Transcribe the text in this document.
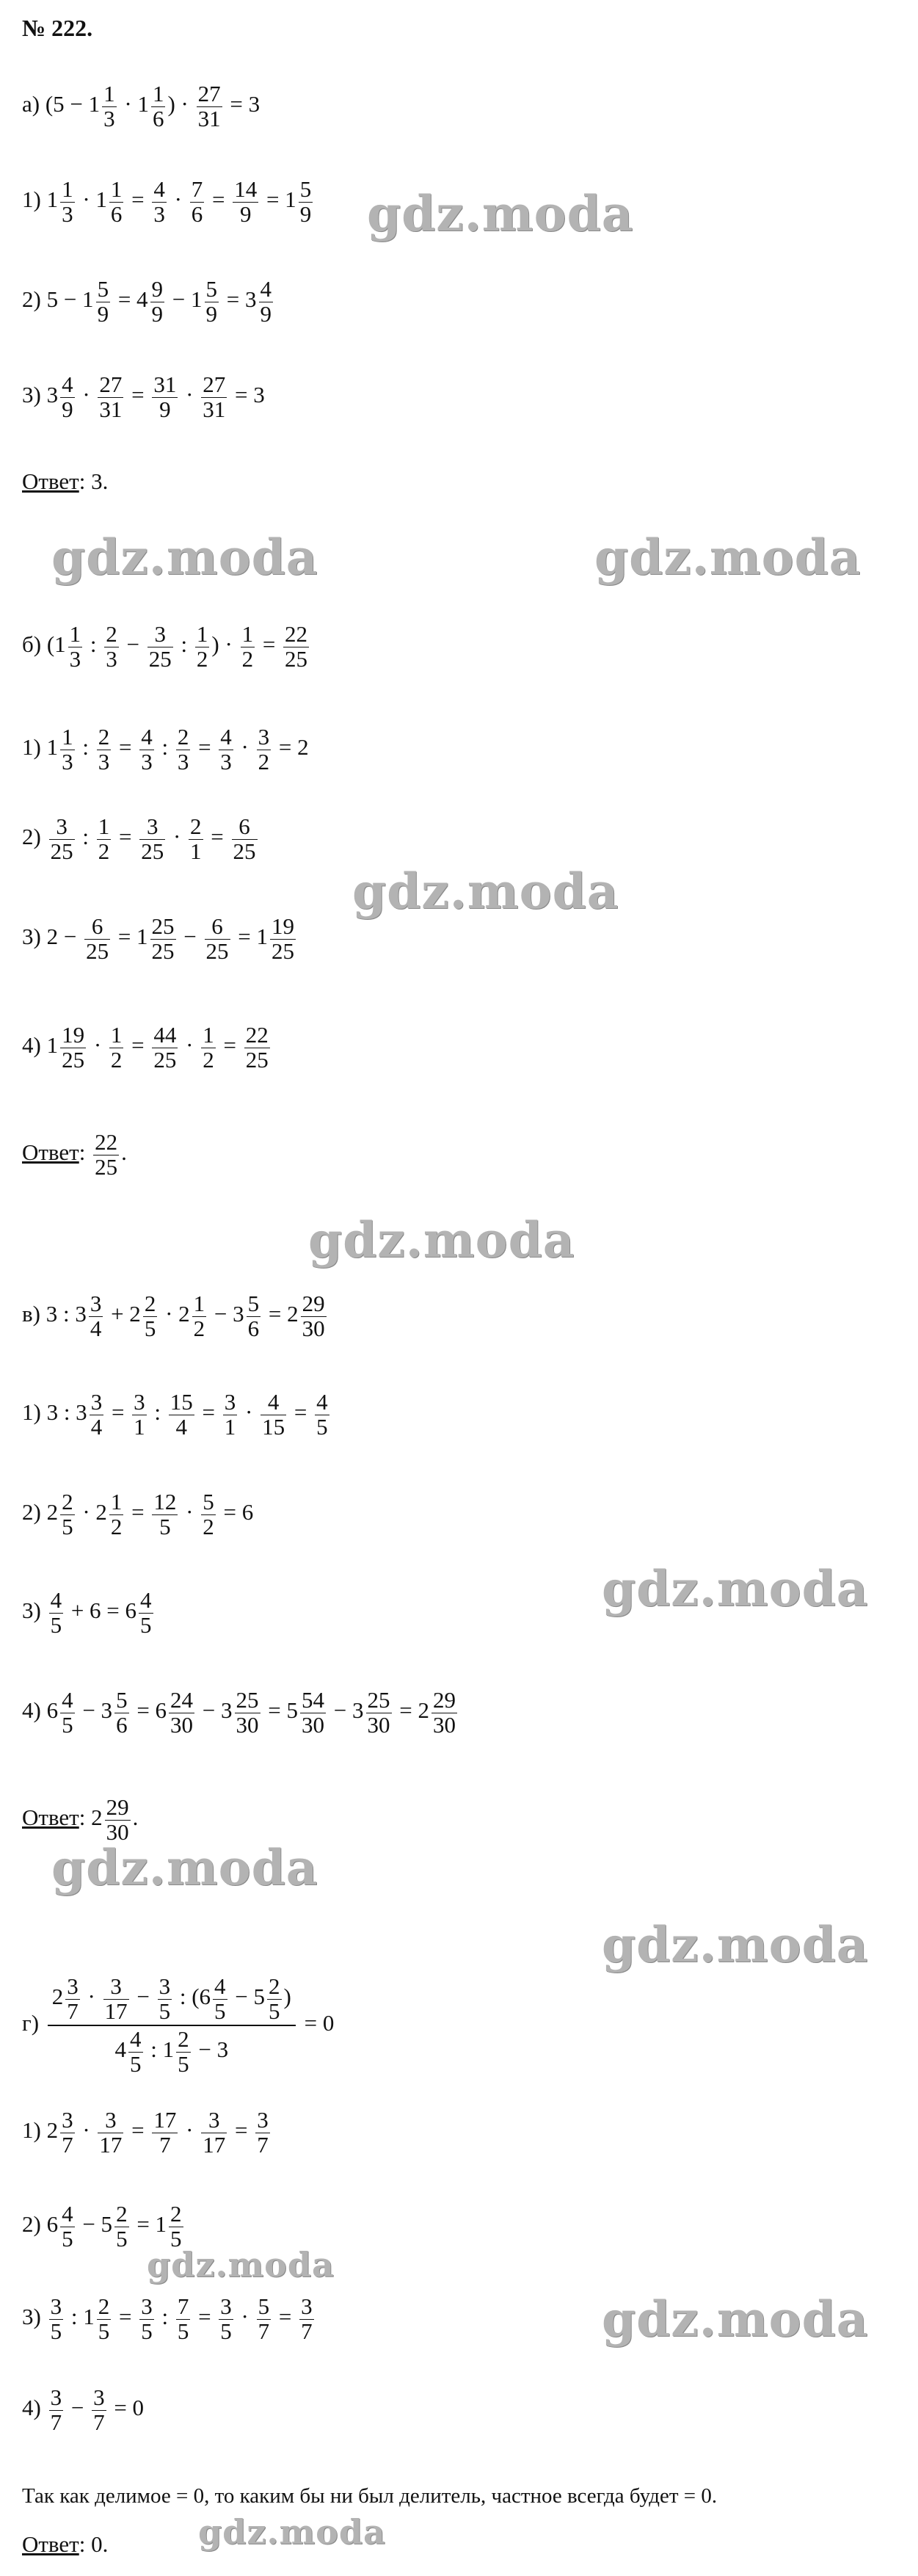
№ 222.
а) ($5 - 1 \frac{1}{3} \cdot 1 \frac{1}{6}$ ) · $\frac{27}{31} = 3$
1) $1 \frac{1}{3} \cdot 1 \frac{1}{6} = \frac{4}{3} \cdot \frac{7}{6} = \frac{14}{9} = 1 \frac{5}{9}$
2) $5 - 1 \frac{5}{9} = 4 \frac{9}{9} - 1 \frac{5}{9} = 3 \frac{4}{9}$
3) $3 \frac{4}{9} \cdot \frac{27}{31} = \frac{31}{9} \cdot \frac{27}{31} = 3$
Ответ: 3.
б) ($1 \frac{1}{3}$ : $\frac{2}{3} - \frac{3}{25}$ : $\frac{1}{2}$ ) · $\frac{1}{2} = \frac{22}{25}$
1) $1 \frac{1}{3}$ : $\frac{2}{3} = \frac{4}{3}$ : $\frac{2}{3} = \frac{4}{3} \cdot \frac{3}{2} = 2$
$2) \frac{3}{25}$ : $\frac{1}{2} = \frac{3}{25} \cdot \frac{2}{1} = \frac{6}{25}$
3) $2 - \frac{6}{25} = 1 \frac{25}{25} - \frac{6}{25} = 1 \frac{19}{25}$
4) $1 \frac{19}{25} \cdot \frac{1}{2} = \frac{44}{25} \cdot \frac{1}{2} = \frac{22}{25}$
Ответ: $\frac{22}{25}$ .
в) 3 : $3 \frac{3}{4} + 2 \frac{2}{5} \cdot 2 \frac{1}{2} - 3 \frac{5}{6} = 2 \frac{29}{30}$
1) 3 : $3 \frac{3}{4} = \frac{3}{1}$ : $\frac{15}{4} = \frac{3}{1} \cdot \frac{4}{15} = \frac{4}{5}$
2) $2 \frac{2}{5} \cdot 2 \frac{1}{2} = \frac{12}{5} \cdot \frac{5}{2} = 6$
$3) \frac{4}{5} + 6 = 6 \frac{4}{5}$
4) $6 \frac{4}{5} - 3 \frac{5}{6} = 6 \frac{24}{30} - 3 \frac{25}{30} = 5 \frac{54}{30} - 3 \frac{25}{30} = 2 \frac{29}{30}$
Ответ: $2 \frac{29}{30}$ .
$г) \frac{2 \frac{3}{7} \cdot \frac{3}{17} - \frac{3}{5} : (6 \frac{4}{5} - 5 \frac{2}{5} )}{4 \frac{4}{5} : 1 \frac{2}{5} - 3} = 0$
1) $2 \frac{3}{7} \cdot \frac{3}{17} = \frac{17}{7} \cdot \frac{3}{17} = \frac{3}{7}$
2) $6 \frac{4}{5} - 5 \frac{2}{5} = 1 \frac{2}{5}$
$3) \frac{3}{5}$ : $1 \frac{2}{5} = \frac{3}{5}$ : $\frac{7}{5} = \frac{3}{5} \cdot \frac{5}{7} = \frac{3}{7}$
$4) \frac{3}{7} - \frac{3}{7} = 0$
Так как делимое = 0, то каким бы ни был делитель, частное всегда будет = 0.
Ответ: 0.
gdz.moda
gdz.moda	gdz.moda
gdz.moda
gdz.moda
gdz.moda
gdz.moda
gdz.moda
gdz.moda
gdz.moda
gdz.moda
